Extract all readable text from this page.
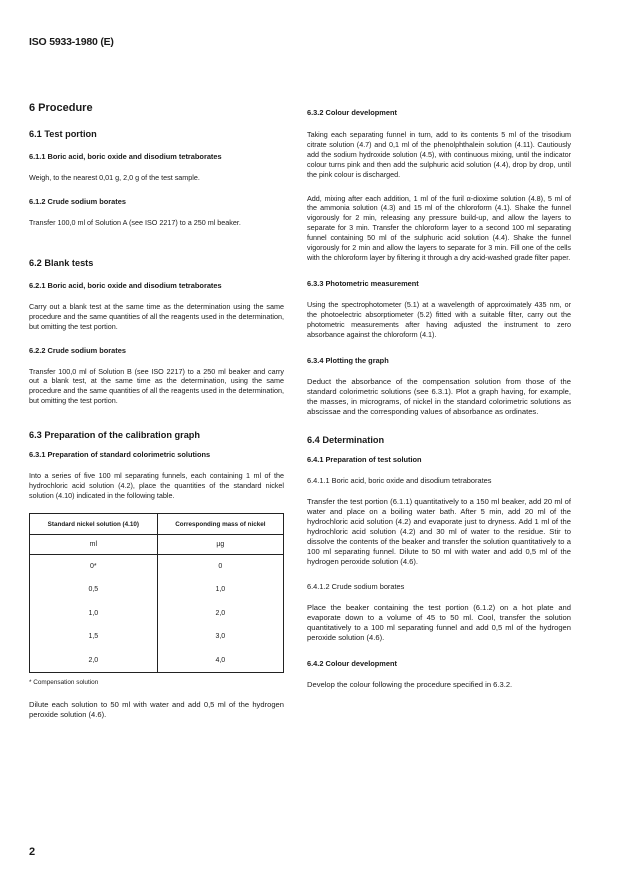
ISO 5933-1980 (E)
6 Procedure
6.1 Test portion
6.1.1 Boric acid, boric oxide and disodium tetraborates

Weigh, to the nearest 0,01 g, 2,0 g of the test sample.

6.1.2 Crude sodium borates

Transfer 100,0 ml of Solution A (see ISO 2217) to a 250 ml beaker.

6.2 Blank tests
6.2.1 Boric acid, boric oxide and disodium tetraborates

Carry out a blank test at the same time as the determination using the same procedure and the same quantities of all the reagents used in the determination, but omitting the test portion.

6.2.2 Crude sodium borates

Transfer 100,0 ml of Solution B (see ISO 2217) to a 250 ml beaker and carry out a blank test, at the same time as the determination, using the same procedure and the same quantities of all the reagents used in the determination, but omitting the test portion.

6.3 Preparation of the calibration graph
6.3.1 Preparation of standard colorimetric solutions

Into a series of five 100 ml separating funnels, each containing 1 ml of the hydrochloric acid solution (4.2), place the quantities of the standard nickel solution (4.10) indicated in the following table.

Standard nickel solution (4.10)	Corresponding mass of nickel
ml	µg
0*	0
0,5	1,0
1,0	2,0
1,5	3,0
2,0	4,0
* Compensation solution

Dilute each solution to 50 ml with water and add 0,5 ml of the hydrogen peroxide solution (4.6).

6.3.2 Colour development

Taking each separating funnel in turn, add to its contents 5 ml of the trisodium citrate solution (4.7) and 0,1 ml of the phenolphthalein solution (4.11). Cautiously add the sodium hydroxide solution (4.5), with continuous mixing, until the indicator colour turns pink and then add the sulphuric acid solution (4.4), drop by drop, until the pink colour is discharged.

Add, mixing after each addition, 1 ml of the furil α-dioxime solution (4.8), 5 ml of the ammonia solution (4.3) and 15 ml of the chloroform (4.1). Shake the funnel vigorously for 2 min, releasing any pressure build-up, and allow the layers to separate for 3 min. Transfer the chloroform layer to a second 100 ml separating funnel containing 50 ml of the sulphuric acid solution (4.4). Shake the funnel vigorously for 2 min and allow the layers to separate for 3 min. Fill one of the cells with the chloroform layer by filtering it through a dry acid-washed grade filter paper.

6.3.3 Photometric measurement

Using the spectrophotometer (5.1) at a wavelength of approximately 435 nm, or the photoelectric absorptiometer (5.2) fitted with a suitable filter, carry out the photometric measurements after having adjusted the instrument to zero absorbance against the chloroform (4.1).

6.3.4 Plotting the graph

Deduct the absorbance of the compensation solution from those of the standard colorimetric solutions (see 6.3.1). Plot a graph having, for example, the masses, in micrograms, of nickel in the standard colorimetric solutions as abscissae and the corresponding values of absorbance as ordinates.

6.4 Determination
6.4.1 Preparation of test solution
6.4.1.1 Boric acid, boric oxide and disodium tetraborates

Transfer the test portion (6.1.1) quantitatively to a 150 ml beaker, add 20 ml of water and place on a boiling water bath. After 5 min, add 20 ml of the hydrochloric acid solution (4.2) and evaporate just to dryness. Add 1 ml of the hydrochloric acid solution (4.2) and 30 ml of water to the residue. Stir to dissolve the contents of the beaker and transfer the solution quantitatively to a 100 ml separating funnel. Dilute to 50 ml with water and add 0,5 ml of the hydrogen peroxide solution (4.6).

6.4.1.2 Crude sodium borates

Place the beaker containing the test portion (6.1.2) on a hot plate and evaporate down to a volume of 45 to 50 ml. Cool, transfer the solution quantitatively to a 100 ml separating funnel and add 0,5 ml of the hydrogen peroxide solution (4.6).

6.4.2 Colour development

Develop the colour following the procedure specified in 6.3.2.

2
